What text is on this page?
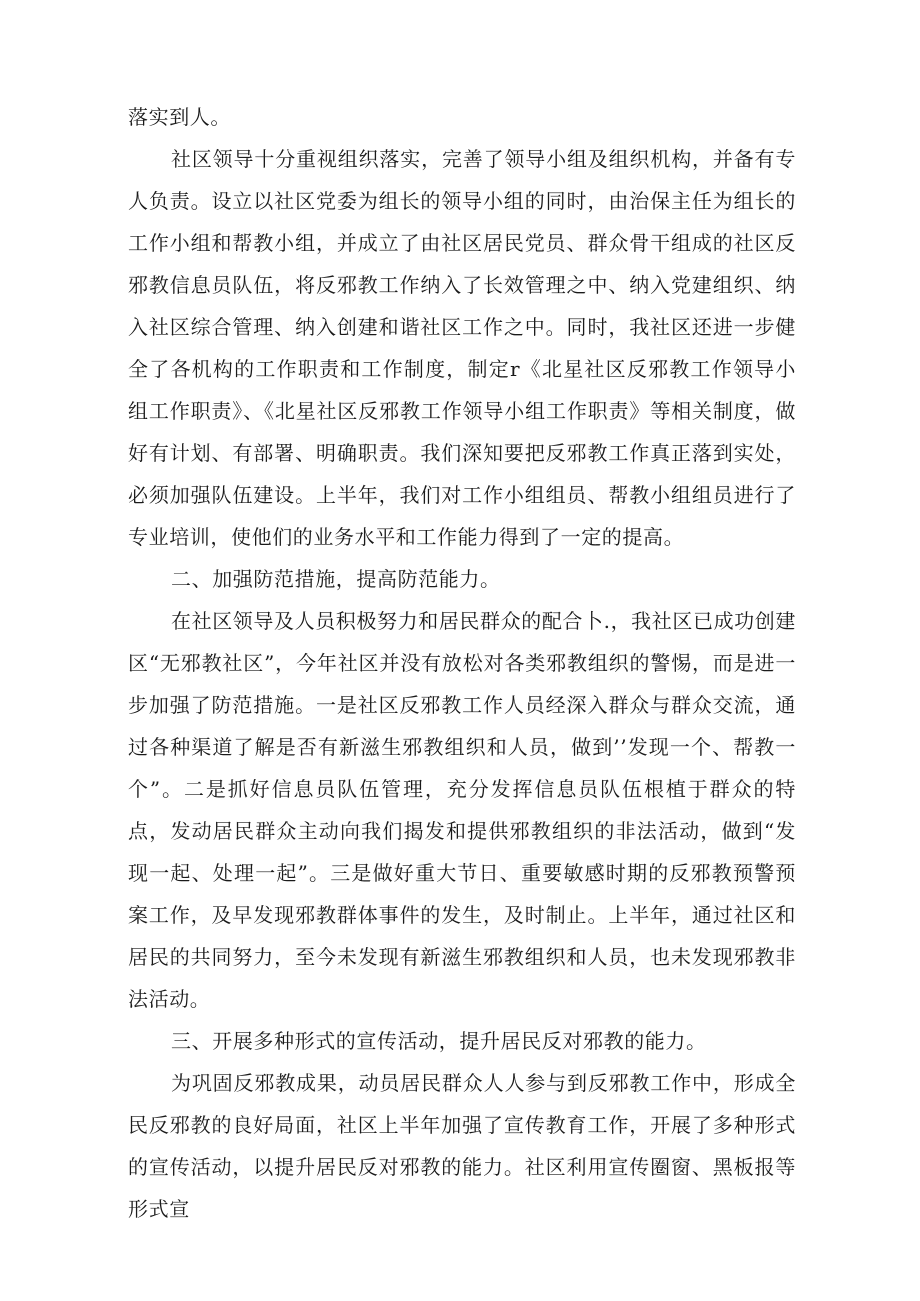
落实到人。

社区领导十分重视组织落实，完善了领导小组及组织机构，并备有专人负责。设立以社区党委为组长的领导小组的同时，由治保主任为组长的工作小组和帮教小组，并成立了由社区居民党员、群众骨干组成的社区反邪教信息员队伍，将反邪教工作纳入了长效管理之中、纳入党建组织、纳入社区综合管理、纳入创建和谐社区工作之中。同时，我社区还进一步健全了各机构的工作职责和工作制度，制定r《北星社区反邪教工作领导小组工作职责》、《北星社区反邪教工作领导小组工作职责》等相关制度，做好有计划、有部署、明确职责。我们深知要把反邪教工作真正落到实处，必须加强队伍建设。上半年，我们对工作小组组员、帮教小组组员进行了专业培训，使他们的业务水平和工作能力得到了一定的提高。

二、加强防范措施，提高防范能力。

在社区领导及人员积极努力和居民群众的配合卜.，我社区已成功创建区“无邪教社区”，今年社区并没有放松对各类邪教组织的警惕，而是进一步加强了防范措施。一是社区反邪教工作人员经深入群众与群众交流，通过各种渠道了解是否有新滋生邪教组织和人员，做到’’发现一个、帮教一个”。二是抓好信息员队伍管理，充分发挥信息员队伍根植于群众的特点，发动居民群众主动向我们揭发和提供邪教组织的非法活动，做到“发现一起、处理一起”。三是做好重大节日、重要敏感时期的反邪教预警预案工作，及早发现邪教群体事件的发生，及时制止。上半年，通过社区和居民的共同努力，至今未发现有新滋生邪教组织和人员，也未发现邪教非法活动。

三、开展多种形式的宣传活动，提升居民反对邪教的能力。

为巩固反邪教成果，动员居民群众人人参与到反邪教工作中，形成全民反邪教的良好局面，社区上半年加强了宣传教育工作，开展了多种形式的宣传活动，以提升居民反对邪教的能力。社区利用宣传圈窗、黑板报等形式宣
